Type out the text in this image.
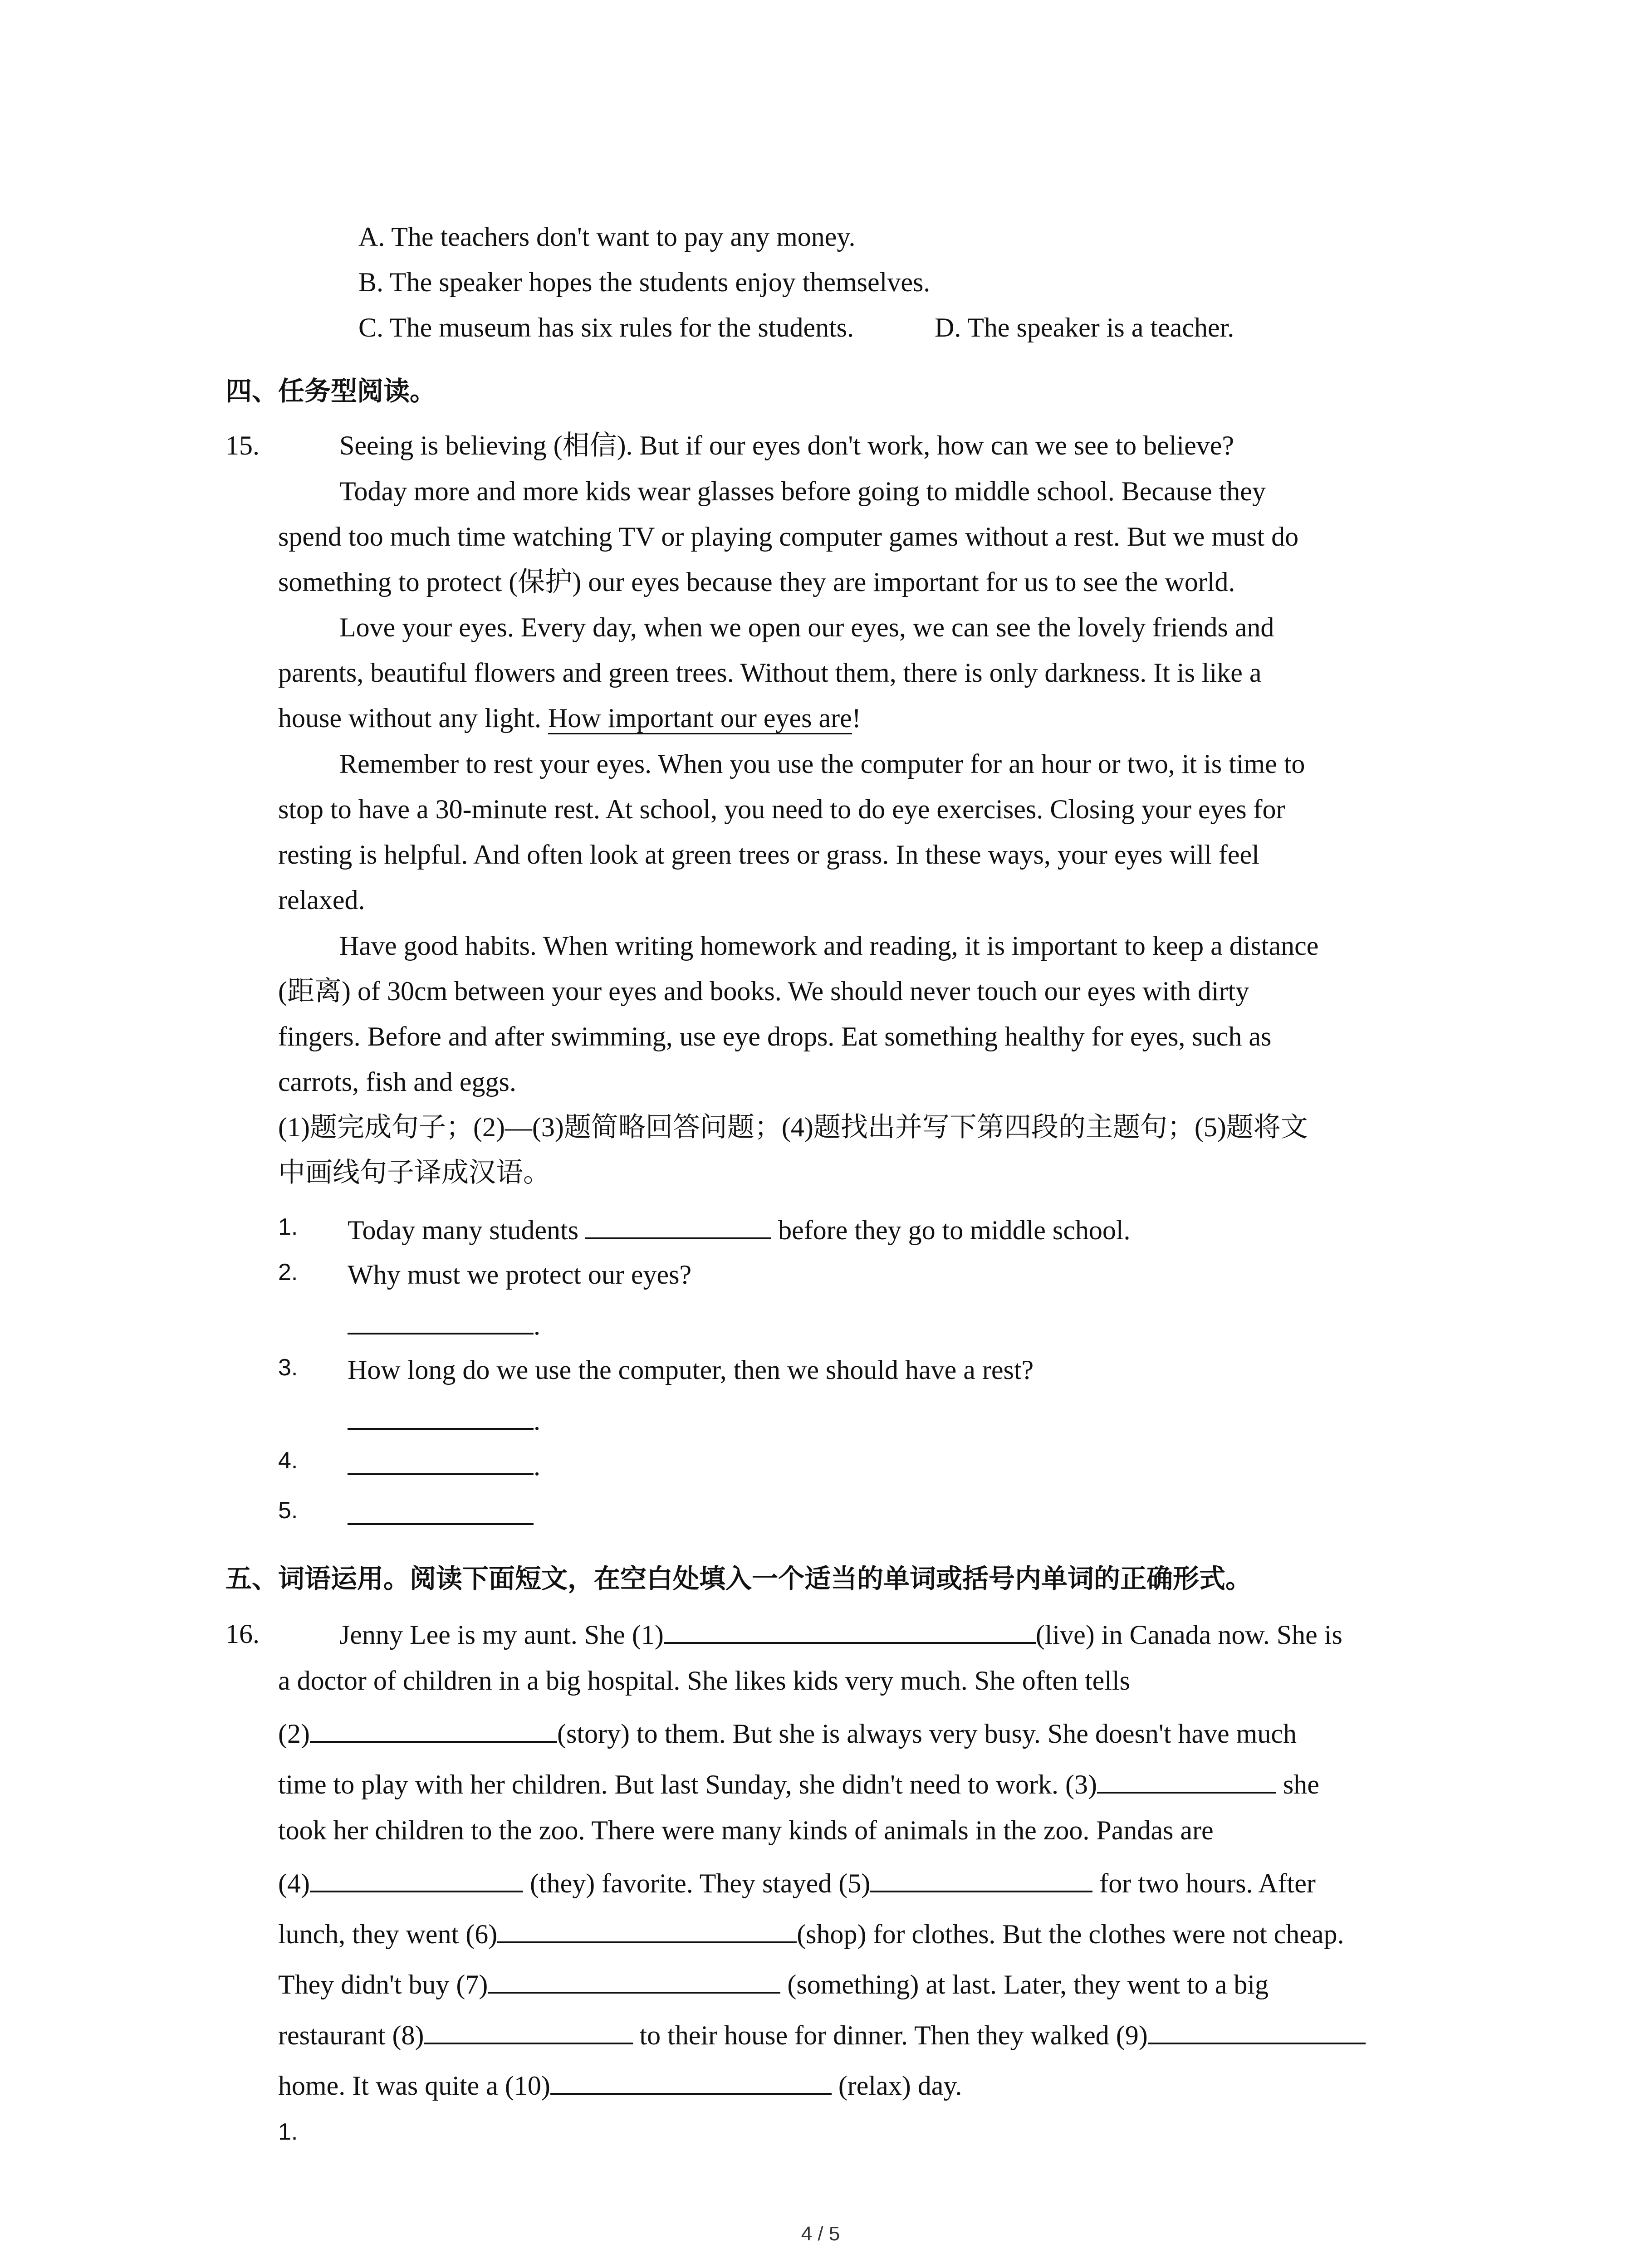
A. The teachers don't want to pay any money.
B. The speaker hopes the students enjoy themselves.
C. The museum has six rules for the students.	D. The speaker is a teacher.
四、任务型阅读。
15.	Seeing is believing (相信). But if our eyes don't work, how can we see to believe?
Today more and more kids wear glasses before going to middle school. Because they
spend too much time watching TV or playing computer games without a rest. But we must do
something to protect (保护) our eyes because they are important for us to see the world.
Love your eyes. Every day, when we open our eyes, we can see the lovely friends and
parents, beautiful flowers and green trees. Without them, there is only darkness. It is like a
house without any light. How important our eyes are!
Remember to rest your eyes. When you use the computer for an hour or two, it is time to
stop to have a 30-minute rest. At school, you need to do eye exercises. Closing your eyes for
resting is helpful. And often look at green trees or grass. In these ways, your eyes will feel
relaxed.
Have good habits. When writing homework and reading, it is important to keep a distance
(距离) of 30cm between your eyes and books. We should never touch our eyes with dirty
fingers. Before and after swimming, use eye drops. Eat something healthy for eyes, such as
carrots, fish and eggs.
(1)题完成句子；(2)—(3)题简略回答问题；(4)题找出并写下第四段的主题句；(5)题将文
中画线句子译成汉语。
1. Today many students	before they go to middle school.
2. Why must we protect our eyes?
.
3. How long do we use the computer, then we should have a rest?
.
4.	.
5.
五、词语运用。阅读下面短文，在空白处填入一个适当的单词或括号内单词的正确形式。
16.	Jenny Lee is my aunt. She (1)	(live) in Canada now. She is
a doctor of children in a big hospital. She likes kids very much. She often tells
(2)	(story) to them. But she is always very busy. She doesn't have much
time to play with her children. But last Sunday, she didn't need to work. (3)	she
took her children to the zoo. There were many kinds of animals in the zoo. Pandas are
(4)	(they) favorite. They stayed (5)	for two hours. After
lunch, they went (6)	(shop) for clothes. But the clothes were not cheap.
They didn't buy (7)	(something) at last. Later, they went to a big
restaurant (8)	to their house for dinner. Then they walked (9)
home. It was quite a (10)	(relax) day.
1.
4 / 5
